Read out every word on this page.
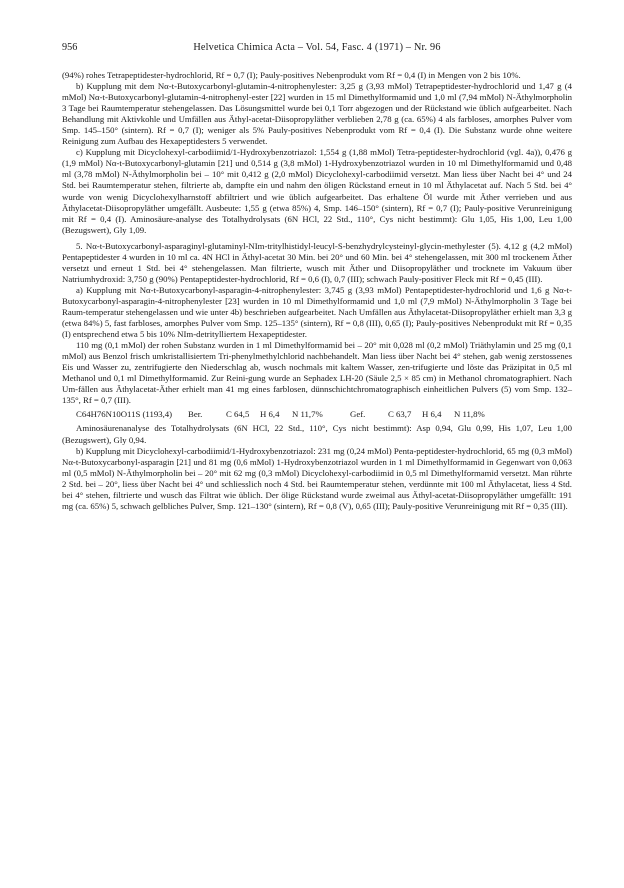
956	Helvetica Chimica Acta – Vol. 54, Fasc. 4 (1971) – Nr. 96

(94%) rohes Tetrapeptidester-hydrochlorid, Rf = 0,7 (I); Pauly-positives Nebenprodukt vom Rf = 0,4 (I) in Mengen von 2 bis 10%.

b) Kupplung mit dem Nα-t-Butoxycarbonyl-glutamin-4-nitrophenylester: 3,25 g (3,93 mMol) Tetrapeptidester-hydrochlorid und 1,47 g (4 mMol) Nα-t-Butoxycarbonyl-glutamin-4-nitrophenyl-ester [22] wurden in 15 ml Dimethylformamid und 1,0 ml (7,94 mMol) N-Äthylmorpholin 3 Tage bei Raumtemperatur stehengelassen. Das Lösungsmittel wurde bei 0,1 Torr abgezogen und der Rückstand wie üblich aufgearbeitet. Nach Behandlung mit Aktivkohle und Umfällen aus Äthyl-acetat-Diisopropyläther verblieben 2,78 g (ca. 65%) 4 als farbloses, amorphes Pulver vom Smp. 145–150° (sintern). Rf = 0,7 (I); weniger als 5% Pauly-positives Nebenprodukt vom Rf = 0,4 (I). Die Substanz wurde ohne weitere Reinigung zum Aufbau des Hexapeptidesters 5 verwendet.

c) Kupplung mit Dicyclohexyl-carbodiimid/1-Hydroxybenzotriazol: 1,554 g (1,88 mMol) Tetra-peptidester-hydrochlorid (vgl. 4a)), 0,476 g (1,9 mMol) Nα-t-Butoxycarbonyl-glutamin [21] und 0,514 g (3,8 mMol) 1-Hydroxybenzotriazol wurden in 10 ml Dimethylformamid und 0,48 ml (3,78 mMol) N-Äthylmorpholin bei – 10° mit 0,412 g (2,0 mMol) Dicyclohexyl-carbodiimid versetzt. Man liess über Nacht bei 4° und 24 Std. bei Raumtemperatur stehen, filtrierte ab, dampfte ein und nahm den öligen Rückstand erneut in 10 ml Äthylacetat auf. Nach 5 Std. bei 4° wurde von wenig Dicyclohexylharnstoff abfiltriert und wie üblich aufgearbeitet. Das erhaltene Öl wurde mit Äther verrieben und aus Äthylacetat-Diisopropyläther umgefällt. Ausbeute: 1,55 g (etwa 85%) 4, Smp. 146–150° (sintern), Rf = 0,7 (I); Pauly-positive Verunreinigung mit Rf = 0,4 (I). Aminosäure-analyse des Totalhydrolysats (6N HCl, 22 Std., 110°, Cys nicht bestimmt): Glu 1,05, His 1,00, Leu 1,00 (Bezugswert), Gly 1,09.

5. Nα-t-Butoxycarbonyl-asparaginyl-glutaminyl-NIm-tritylhistidyl-leucyl-S-benzhydrylcysteinyl-glycin-methylester (5). 4,12 g (4,2 mMol) Pentapeptidester 4 wurden in 10 ml ca. 4N HCl in Äthyl-acetat 30 Min. bei 20° und 60 Min. bei 4° stehengelassen, mit 300 ml trockenem Äther versetzt und erneut 1 Std. bei 4° stehengelassen. Man filtrierte, wusch mit Äther und Diisopropyläther und trocknete im Vakuum über Natriumhydroxid: 3,750 g (90%) Pentapeptidester-hydrochlorid, Rf = 0,6 (I), 0,7 (III); schwach Pauly-positiver Fleck mit Rf = 0,45 (III).

a) Kupplung mit Nα-t-Butoxycarbonyl-asparagin-4-nitrophenylester: 3,745 g (3,93 mMol) Pentapeptidester-hydrochlorid und 1,6 g Nα-t-Butoxycarbonyl-asparagin-4-nitrophenylester [23] wurden in 10 ml Dimethylformamid und 1,0 ml (7,9 mMol) N-Äthylmorpholin 3 Tage bei Raum-temperatur stehengelassen und wie unter 4b) beschrieben aufgearbeitet. Nach Umfällen aus Äthylacetat-Diisopropyläther erhielt man 3,3 g (etwa 84%) 5, fast farbloses, amorphes Pulver vom Smp. 125–135° (sintern), Rf = 0,8 (III), 0,65 (I); Pauly-positives Nebenprodukt mit Rf = 0,35 (I) entsprechend etwa 5 bis 10% NIm-detritylliertem Hexapeptidester.

110 mg (0,1 mMol) der rohen Substanz wurden in 1 ml Dimethylformamid bei – 20° mit 0,028 ml (0,2 mMol) Triäthylamin und 25 mg (0,1 mMol) aus Benzol frisch umkristallisiertem Tri-phenylmethylchlorid nachbehandelt. Man liess über Nacht bei 4° stehen, gab wenig zerstossenes Eis und Wasser zu, zentrifugierte den Niederschlag ab, wusch nochmals mit kaltem Wasser, zen-trifugierte und löste das Präzipitat in 0,5 ml Methanol und 0,1 ml Dimethylformamid. Zur Reini-gung wurde an Sephadex LH-20 (Säule 2,5 × 85 cm) in Methanol chromatographiert. Nach Um-fällen aus Äthylacetat-Äther erhielt man 41 mg eines farblosen, dünnschichtchromatographisch einheitlichen Pulvers (5) vom Smp. 132–135°, Rf = 0,7 (III).

C64H76N10O11S (1193,4)	Ber.	C 64,5	H 6,4	N 11,7%	Gef.	C 63,7	H 6,4	N 11,8%

Aminosäurenanalyse des Totalhydrolysats (6N HCl, 22 Std., 110°, Cys nicht bestimmt): Asp 0,94, Glu 0,99, His 1,07, Leu 1,00 (Bezugswert), Gly 0,94.

b) Kupplung mit Dicyclohexyl-carbodiimid/1-Hydroxybenzotriazol: 231 mg (0,24 mMol) Penta-peptidester-hydrochlorid, 65 mg (0,3 mMol) Nα-t-Butoxycarbonyl-asparagin [21] und 81 mg (0,6 mMol) 1-Hydroxybenzotriazol wurden in 1 ml Dimethylformamid in Gegenwart von 0,063 ml (0,5 mMol) N-Äthylmorpholin bei – 20° mit 62 mg (0,3 mMol) Dicyclohexyl-carbodiimid in 0,5 ml Dimethylformamid versetzt. Man rührte 2 Std. bei – 20°, liess über Nacht bei 4° und schliesslich noch 4 Std. bei Raumtemperatur stehen, verdünnte mit 100 ml Äthylacetat, liess 4 Std. bei 4° stehen, filtrierte und wusch das Filtrat wie üblich. Der ölige Rückstand wurde zweimal aus Äthyl-acetat-Diisopropyläther umgefällt: 191 mg (ca. 65%) 5, schwach gelbliches Pulver, Smp. 121–130° (sintern), Rf = 0,8 (V), 0,65 (III); Pauly-positive Verunreinigung mit Rf = 0,35 (III).
